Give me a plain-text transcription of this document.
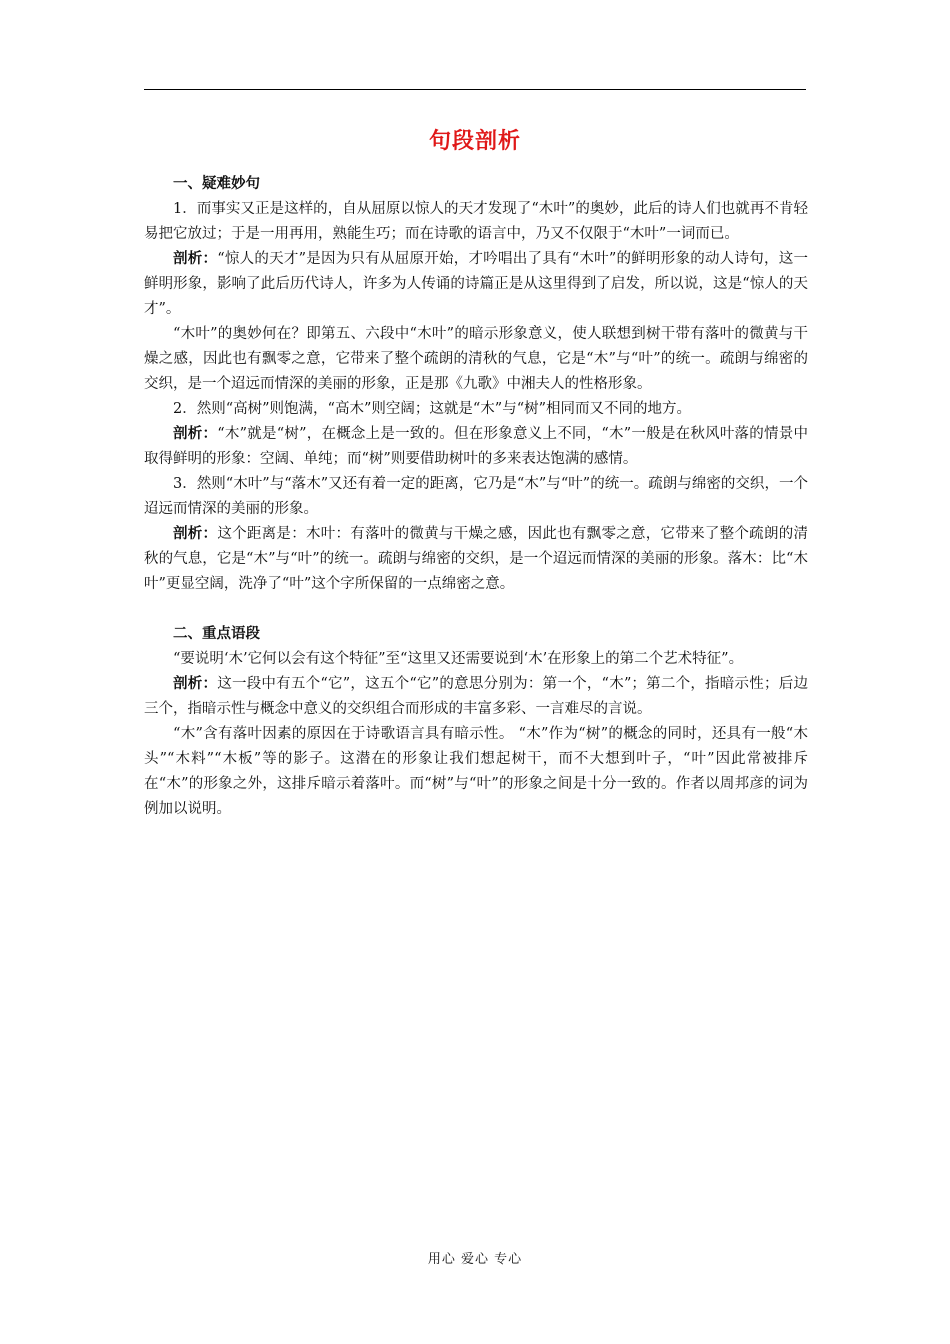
句段剖析

一、疑难妙句

1．而事实又正是这样的，自从屈原以惊人的天才发现了“木叶”的奥妙，此后的诗人们也就再不肯轻易把它放过；于是一用再用，熟能生巧；而在诗歌的语言中，乃又不仅限于“木叶”一词而已。

剖析：“惊人的天才”是因为只有从屈原开始，才吟唱出了具有“木叶”的鲜明形象的动人诗句，这一鲜明形象，影响了此后历代诗人，许多为人传诵的诗篇正是从这里得到了启发，所以说，这是“惊人的天才”。

“木叶”的奥妙何在？即第五、六段中“木叶”的暗示形象意义，使人联想到树干带有落叶的微黄与干燥之感，因此也有飘零之意，它带来了整个疏朗的清秋的气息，它是“木”与“叶”的统一。疏朗与绵密的交织，是一个迢远而情深的美丽的形象，正是那《九歌》中湘夫人的性格形象。

2．然则“高树”则饱满，“高木”则空阔；这就是“木”与“树”相同而又不同的地方。

剖析：“木”就是“树”，在概念上是一致的。但在形象意义上不同，“木”一般是在秋风叶落的情景中取得鲜明的形象：空阔、单纯；而“树”则要借助树叶的多来表达饱满的感情。

3．然则“木叶”与“落木”又还有着一定的距离，它乃是“木”与“叶”的统一。疏朗与绵密的交织，一个迢远而情深的美丽的形象。

剖析：这个距离是：木叶：有落叶的微黄与干燥之感，因此也有飘零之意，它带来了整个疏朗的清秋的气息，它是“木”与“叶”的统一。疏朗与绵密的交织，是一个迢远而情深的美丽的形象。落木：比“木叶”更显空阔，洗净了“叶”这个字所保留的一点绵密之意。

二、重点语段

“要说明‘木’它何以会有这个特征”至“这里又还需要说到‘木’在形象上的第二个艺术特征”。

剖析：这一段中有五个“它”，这五个“它”的意思分别为：第一个，“木”；第二个，指暗示性；后边三个，指暗示性与概念中意义的交织组合而形成的丰富多彩、一言难尽的言说。

“木”含有落叶因素的原因在于诗歌语言具有暗示性。 “木”作为“树”的概念的同时，还具有一般“木头”“木料”“木板”等的影子。这潜在的形象让我们想起树干，而不大想到叶子，“叶”因此常被排斥在“木”的形象之外，这排斥暗示着落叶。而“树”与“叶”的形象之间是十分一致的。作者以周邦彦的词为例加以说明。

用心 爱心 专心
